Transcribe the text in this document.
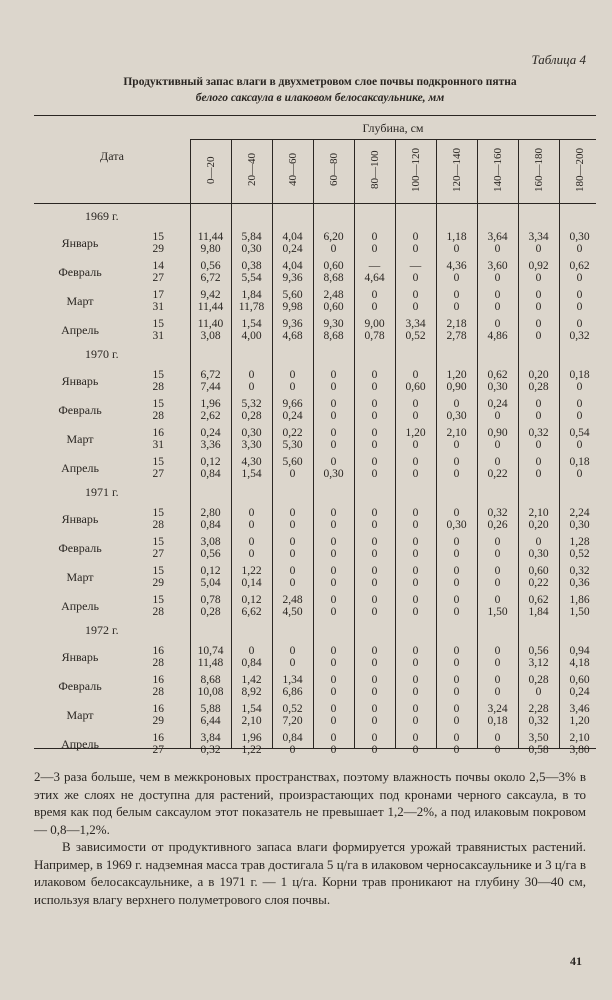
Таблица 4
Продуктивный запас влаги в двухметровом слое почвы подкронного пятна
белого саксаула в илаковом белосаксаульнике, мм
Глубина, см
Дата
0—20	20—40	40—60	60—80	80—100	100—120	120—140	140—160	160—180	180—200
1969 г.
Январь	15	11,44	5,84	4,04	6,20	0	0	1,18	3,64	3,34	0,30
29	9,80	0,30	0,24	0	0	0	0	0	0	0
Февраль	14	0,56	0,38	4,04	0,60	—	—	4,36	3,60	0,92	0,62
27	6,72	5,54	9,36	8,68	4,64	0	0	0	0	0
Март	17	9,42	1,84	5,60	2,48	0	0	0	0	0	0
31	11,44	11,78	9,98	0,60	0	0	0	0	0	0
Апрель	15	11,40	1,54	9,36	9,30	9,00	3,34	2,18	0	0	0
31	3,08	4,00	4,68	8,68	0,78	0,52	2,78	4,86	0	0,32
1970 г.
Январь	15	6,72	0	0	0	0	0	1,20	0,62	0,20	0,18
28	7,44	0	0	0	0	0,60	0,90	0,30	0,28	0
Февраль	15	1,96	5,32	9,66	0	0	0	0	0,24	0	0
28	2,62	0,28	0,24	0	0	0	0,30	0	0	0
Март	16	0,24	0,30	0,22	0	0	1,20	2,10	0,90	0,32	0,54
31	3,36	3,30	5,30	0	0	0	0	0	0	0
Апрель	15	0,12	4,30	5,60	0	0	0	0	0	0	0,18
27	0,84	1,54	0	0,30	0	0	0	0,22	0	0
1971 г.
Январь	15	2,80	0	0	0	0	0	0	0,32	2,10	2,24
28	0,84	0	0	0	0	0	0,30	0,26	0,20	0,30
Февраль	15	3,08	0	0	0	0	0	0	0	0	1,28
27	0,56	0	0	0	0	0	0	0	0,30	0,52
Март	15	0,12	1,22	0	0	0	0	0	0	0,60	0,32
29	5,04	0,14	0	0	0	0	0	0	0,22	0,36
Апрель	15	0,78	0,12	2,48	0	0	0	0	0	0,62	1,86
28	0,28	6,62	4,50	0	0	0	0	1,50	1,84	1,50
1972 г.
Январь	16	10,74	0	0	0	0	0	0	0	0,56	0,94
28	11,48	0,84	0	0	0	0	0	0	3,12	4,18
Февраль	16	8,68	1,42	1,34	0	0	0	0	0	0,28	0,60
28	10,08	8,92	6,86	0	0	0	0	0	0	0,24
Март	16	5,88	1,54	0,52	0	0	0	0	3,24	2,28	3,46
29	6,44	2,10	7,20	0	0	0	0	0,18	0,32	1,20
Апрель	16	3,84	1,96	0,84	0	0	0	0	0	3,50	2,10
27	0,32	1,22	0	0	0	0	0	0	0,58	3,80

2—3 раза больше, чем в межкроновых пространствах, поэтому влажность почвы около 2,5—3% в этих же слоях не доступна для растений, произрастающих под кронами черного саксаула, в то время как под белым саксаулом этот показатель не превышает 1,2—2%, а под илаковым покровом — 0,8—1,2%.

В зависимости от продуктивного запаса влаги формируется урожай травянистых растений. Например, в 1969 г. надземная масса трав достигала 5 ц/га в илаковом черносаксаульнике и 3 ц/га в илаковом белосаксаульнике, а в 1971 г. — 1 ц/га. Корни трав проникают на глубину 30—40 см, используя влагу верхнего полуметрового слоя почвы.

41
